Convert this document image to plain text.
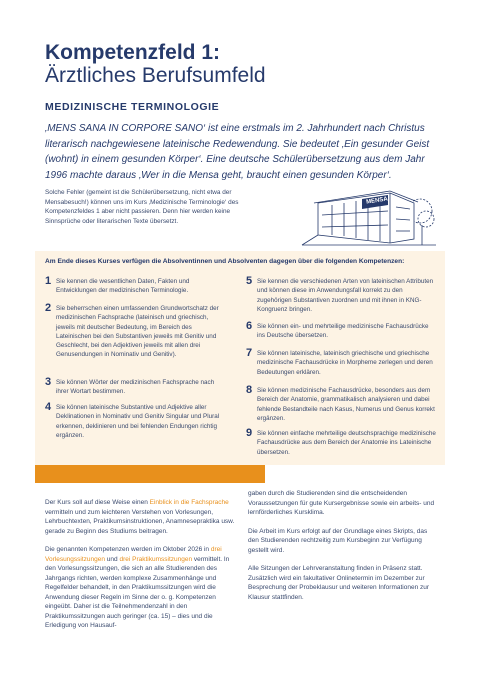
Kompetenzfeld 1:
Ärztliches Berufsumfeld
MEDIZINISCHE TERMINOLOGIE
‚MENS SANA IN CORPORE SANO‘ ist eine erstmals im 2. Jahrhundert nach Christus literarisch nachgewiesene lateinische Redewendung. Sie bedeutet ‚Ein gesunder Geist (wohnt) in einem gesunden Körper‘. Eine deutsche Schülerübersetzung aus dem Jahr 1996 machte daraus ‚Wer in die Mensa geht, braucht einen gesunden Körper‘.
Solche Fehler (gemeint ist die Schülerübersetzung, nicht etwa der Mensabesuch!) können uns im Kurs ‚Medizinische Terminologie‘ des Kompetenzfeldes 1 aber nicht passieren. Denn hier werden keine Sinnsprüche oder literarischen Texte übersetzt.
MENSA
Am Ende dieses Kurses verfügen die Absolventinnen und Absolventen dagegen über die folgenden Kompetenzen:
1 Sie kennen die wesentlichen Daten, Fakten und Entwicklungen der medizinischen Terminologie.
2 Sie beherrschen einen umfassenden Grundwortschatz der medizinischen Fachsprache (lateinisch und griechisch, jeweils mit deutscher Bedeutung, im Bereich des Lateinischen bei den Substantiven jeweils mit Genitiv und Geschlecht, bei den Adjektiven jeweils mit allen drei Genusendungen in Nominativ und Genitiv).
3 Sie können Wörter der medizinischen Fachsprache nach ihrer Wortart bestimmen.
4 Sie können lateinische Substantive und Adjektive aller Deklinationen in Nominativ und Genitiv Singular und Plural erkennen, deklinieren und bei fehlenden Endungen richtig ergänzen.
5 Sie kennen die verschiedenen Arten von lateinischen Attributen und können diese im Anwendungsfall korrekt zu den zugehörigen Substantiven zuordnen und mit ihnen in KNG-Kongruenz bringen.
6 Sie können ein- und mehrteilige medizinische Fachausdrücke ins Deutsche übersetzen.
7 Sie können lateinische, lateinisch griechische und griechische medizinische Fachausdrücke in Morpheme zerlegen und deren Bedeutungen erklären.
8 Sie können medizinische Fachausdrücke, besonders aus dem Bereich der Anatomie, grammatikalisch analysieren und dabei fehlende Bestandteile nach Kasus, Numerus und Genus korrekt ergänzen.
9 Sie können einfache mehrteilige deutschsprachige medizinische Fachausdrücke aus dem Bereich der Anatomie ins Lateinische übersetzen.

Der Kurs soll auf diese Weise einen Einblick in die Fachsprache vermitteln und zum leichteren Verstehen von Vorlesungen, Lehrbuchtexten, Praktikumsinstruktionen, Anamnesepraktika usw. gerade zu Beginn des Studiums beitragen.

Die genannten Kompetenzen werden im Oktober 2026 in drei Vorlesungssitzungen und drei Praktikumssitzungen vermittelt. In den Vorlesungssitzungen, die sich an alle Studierenden des Jahrgangs richten, werden komplexe Zusammenhänge und Regelfelder behandelt, in den Praktikumssitzungen wird die Anwendung dieser Regeln im Sinne der o. g. Kompetenzen eingeübt. Daher ist die Teilnehmendenzahl in den Praktikumssitzungen auch geringer (ca. 15) – dies und die Erledigung von Hausauf-

gaben durch die Studierenden sind die entscheidenden Voraussetzungen für gute Kursergebnisse sowie ein arbeits- und lernförderliches Kursklima.

Die Arbeit im Kurs erfolgt auf der Grundlage eines Skripts, das den Studierenden rechtzeitig zum Kursbeginn zur Verfügung gestellt wird.

Alle Sitzungen der Lehrveranstaltung finden in Präsenz statt. Zusätzlich wird ein fakultativer Onlinetermin im Dezember zur Besprechung der Probeklausur und weiteren Informationen zur Klausur stattfinden.
